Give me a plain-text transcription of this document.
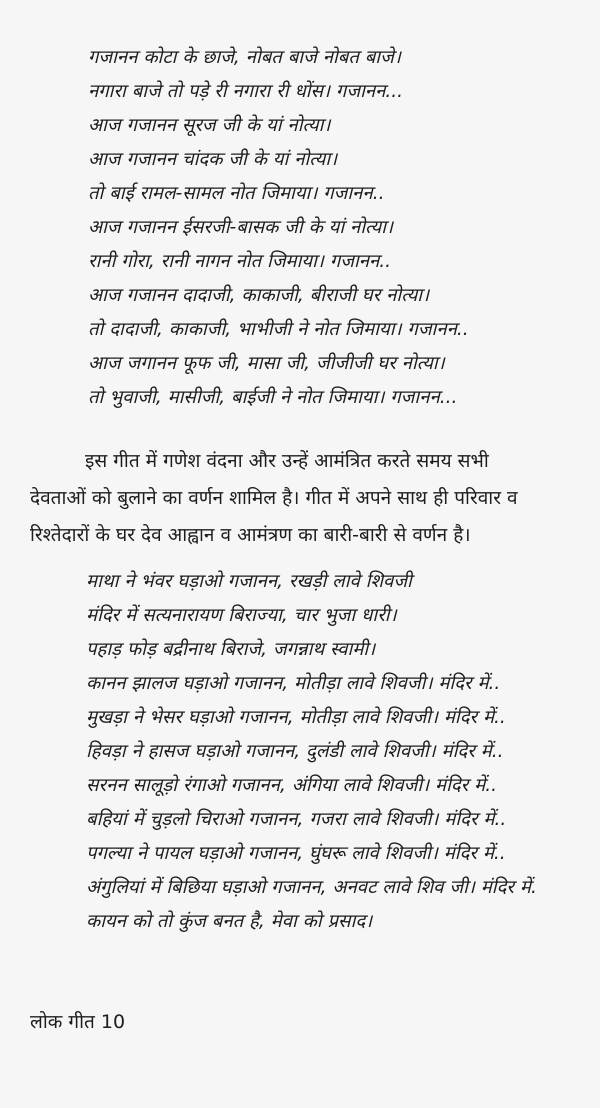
गजानन कोटा के छाजे, नोबत बाजे नोबत बाजे।
नगारा बाजे तो पड़े री नगारा री धोंस। गजानन...
आज गजानन सूरज जी के यां नोत्या।
आज गजानन चांदक जी के यां नोत्या।
तो बाई रामल-सामल नोत जिमाया। गजानन..
आज गजानन ईसरजी-बासक जी के यां नोत्या।
रानी गोरा, रानी नागन नोत जिमाया। गजानन..
आज गजानन दादाजी, काकाजी, बीराजी घर नोत्या।
तो दादाजी, काकाजी, भाभीजी ने नोत जिमाया। गजानन..
आज जगानन फूफ जी, मासा जी, जीजीजी घर नोत्या।
तो भुवाजी, मासीजी, बाईजी ने नोत जिमाया। गजानन...
इस गीत में गणेश वंदना और उन्हें आमंत्रित करते समय सभी
देवताओं को बुलाने का वर्णन शामिल है। गीत में अपने साथ ही परिवार व
रिश्तेदारों के घर देव आह्वान व आमंत्रण का बारी-बारी से वर्णन है।
माथा ने भंवर घड़ाओ गजानन, रखड़ी लावे शिवजी
मंदिर में सत्यनारायण बिराज्या, चार भुजा धारी।
पहाड़ फोड़ बद्रीनाथ बिराजे, जगन्नाथ स्वामी।
कानन झालज घड़ाओ गजानन, मोतीड़ा लावे शिवजी। मंदिर में..
मुखड़ा ने भेसर घड़ाओ गजानन, मोतीड़ा लावे शिवजी। मंदिर में..
हिवड़ा ने हासज घड़ाओ गजानन, दुलंडी लावे शिवजी। मंदिर में..
सरनन सालूड़ो रंगाओ गजानन, अंगिया लावे शिवजी। मंदिर में..
बहियां में चुड़लो चिराओ गजानन, गजरा लावे शिवजी। मंदिर में..
पगल्या ने पायल घड़ाओ गजानन, घुंघरू लावे शिवजी। मंदिर में..
अंगुलियां में बिछिया घड़ाओ गजानन, अनवट लावे शिव जी। मंदिर में.
कायन को तो कुंज बनत है, मेवा को प्रसाद।
लोक गीत 10
